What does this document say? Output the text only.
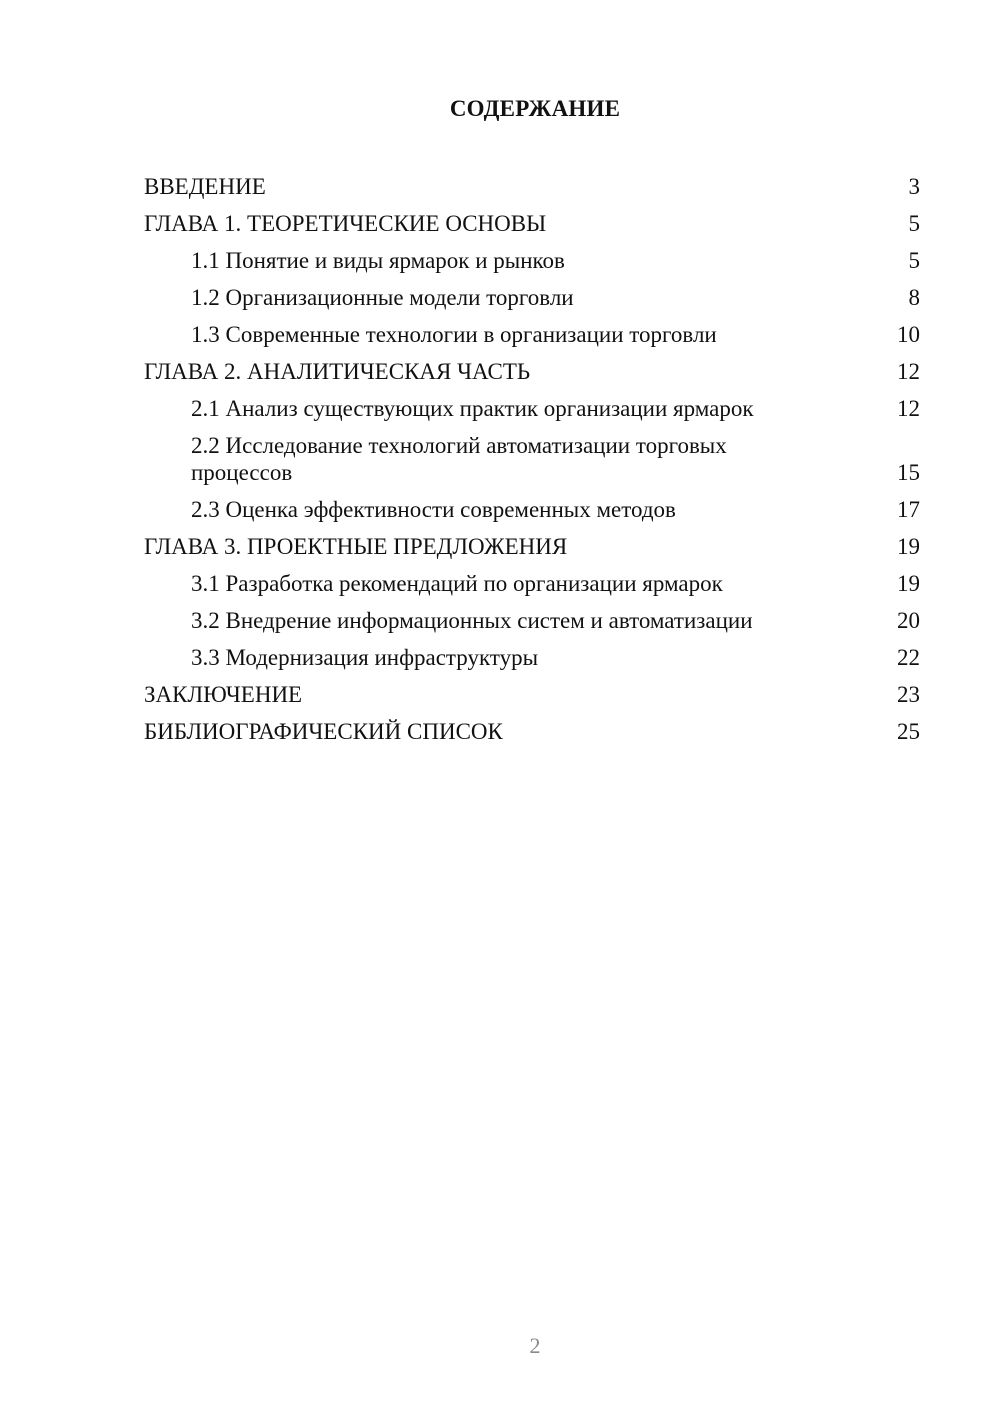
СОДЕРЖАНИЕ
ВВЕДЕНИЕ	3
ГЛАВА 1. ТЕОРЕТИЧЕСКИЕ ОСНОВЫ	5
1.1 Понятие и виды ярмарок и рынков	5
1.2 Организационные модели торговли	8
1.3 Современные технологии в организации торговли	10
ГЛАВА 2. АНАЛИТИЧЕСКАЯ ЧАСТЬ	12
2.1 Анализ существующих практик организации ярмарок	12
2.2 Исследование технологий автоматизации торговых процессов	15
2.3 Оценка эффективности современных методов	17
ГЛАВА 3. ПРОЕКТНЫЕ ПРЕДЛОЖЕНИЯ	19
3.1 Разработка рекомендаций по организации ярмарок	19
3.2 Внедрение информационных систем и автоматизации	20
3.3 Модернизация инфраструктуры	22
ЗАКЛЮЧЕНИЕ	23
БИБЛИОГРАФИЧЕСКИЙ СПИСОК	25
2
